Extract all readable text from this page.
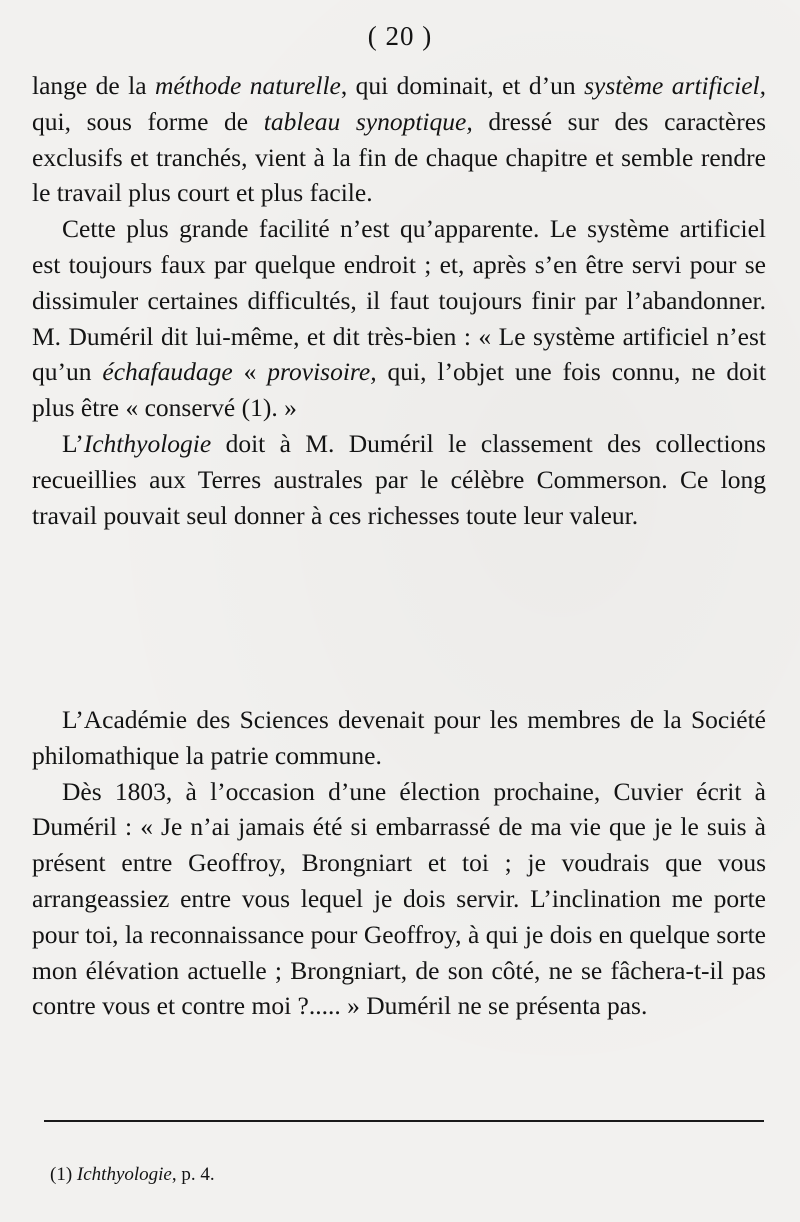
( 20 )

lange de la méthode naturelle, qui dominait, et d’un système artificiel, qui, sous forme de tableau synoptique, dressé sur des caractères exclusifs et tranchés, vient à la fin de chaque chapitre et semble rendre le travail plus court et plus facile.

Cette plus grande facilité n’est qu’apparente. Le système artificiel est toujours faux par quelque endroit ; et, après s’en être servi pour se dissimuler certaines difficultés, il faut toujours finir par l’abandonner. M. Duméril dit lui-même, et dit très-bien : « Le système artificiel n’est qu’un échafaudage « provisoire, qui, l’objet une fois connu, ne doit plus être « conservé (1). »

L’Ichthyologie doit à M. Duméril le classement des collections recueillies aux Terres australes par le célèbre Commerson. Ce long travail pouvait seul donner à ces richesses toute leur valeur.

L’Académie des Sciences devenait pour les membres de la Société philomathique la patrie commune.

Dès 1803, à l’occasion d’une élection prochaine, Cuvier écrit à Duméril : « Je n’ai jamais été si embarrassé de ma vie que je le suis à présent entre Geoffroy, Brongniart et toi ; je voudrais que vous arrangeassiez entre vous lequel je dois servir. L’inclination me porte pour toi, la reconnaissance pour Geoffroy, à qui je dois en quelque sorte mon élévation actuelle ; Brongniart, de son côté, ne se fâchera-t-il pas contre vous et contre moi ?..... » Duméril ne se présenta pas.

(1) Ichthyologie, p. 4.
